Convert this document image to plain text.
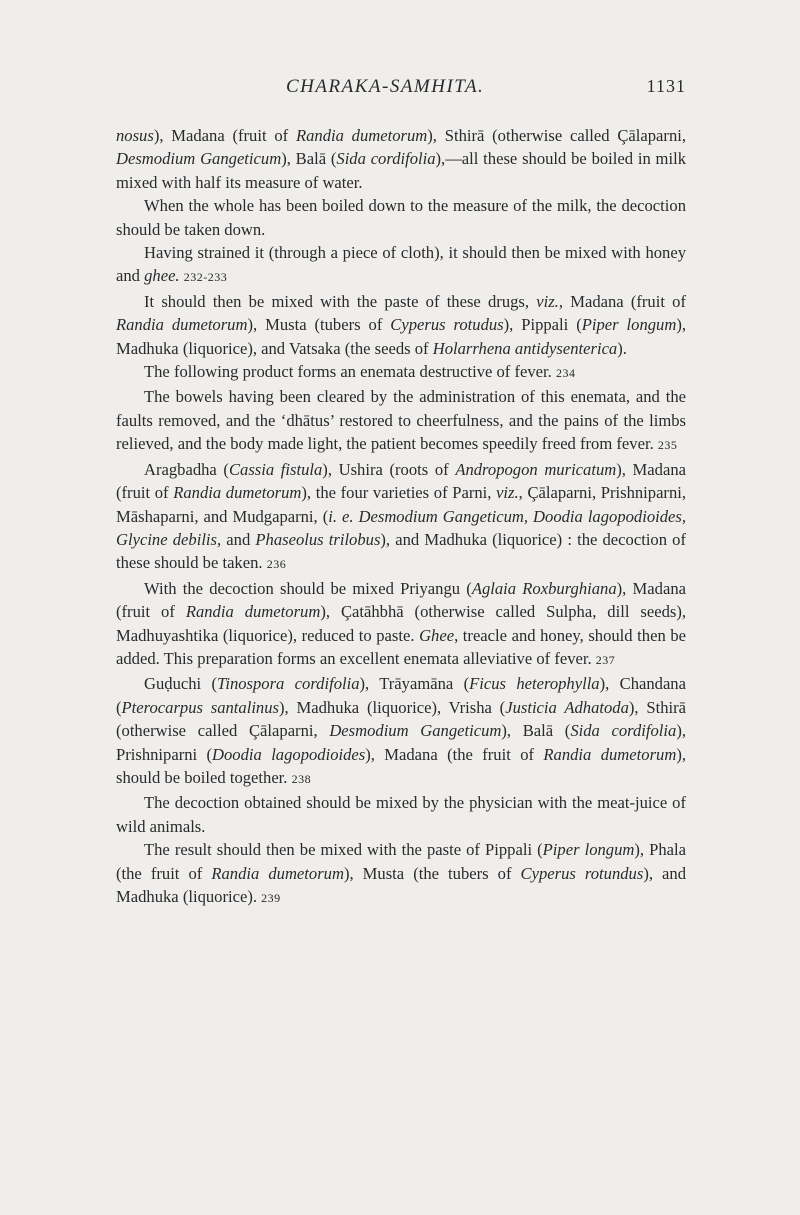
CHARAKA-SAMHITA.	1131

nosus), Madana (fruit of Randia dumetorum), Sthirā (otherwise called Çālaparni, Desmodium Gangeticum), Balā (Sida cordifolia),—all these should be boiled in milk mixed with half its measure of water.

When the whole has been boiled down to the measure of the milk, the decoction should be taken down.

Having strained it (through a piece of cloth), it should then be mixed with honey and ghee. 232-233

It should then be mixed with the paste of these drugs, viz., Madana (fruit of Randia dumetorum), Musta (tubers of Cyperus rotudus), Pippali (Piper longum), Madhuka (liquorice), and Vatsaka (the seeds of Holarrhena antidysenterica).

The following product forms an enemata destructive of fever. 234

The bowels having been cleared by the administration of this enemata, and the faults removed, and the ‘dhātus’ restored to cheerfulness, and the pains of the limbs relieved, and the body made light, the patient becomes speedily freed from fever. 235

Aragbadha (Cassia fistula), Ushira (roots of Andropogon muricatum), Madana (fruit of Randia dumetorum), the four varieties of Parni, viz., Çālaparni, Prishniparni, Māshaparni, and Mudgaparni, (i. e. Desmodium Gangeticum, Doodia lagopodioides, Glycine debilis, and Phaseolus trilobus), and Madhuka (liquorice) : the decoction of these should be taken. 236

With the decoction should be mixed Priyangu (Aglaia Roxburghiana), Madana (fruit of Randia dumetorum), Çatāhbhā (otherwise called Sulpha, dill seeds), Madhuyashtika (liquorice), reduced to paste. Ghee, treacle and honey, should then be added. This preparation forms an excellent enemata alleviative of fever. 237

Guḍuchi (Tinospora cordifolia), Trāyamāna (Ficus heterophylla), Chandana (Pterocarpus santalinus), Madhuka (liquorice), Vrisha (Justicia Adhatoda), Sthirā (otherwise called Çālaparni, Desmodium Gangeticum), Balā (Sida cordifolia), Prishniparni (Doodia lagopodioides), Madana (the fruit of Randia dumetorum), should be boiled together. 238

The decoction obtained should be mixed by the physician with the meat-juice of wild animals.

The result should then be mixed with the paste of Pippali (Piper longum), Phala (the fruit of Randia dumetorum), Musta (the tubers of Cyperus rotundus), and Madhuka (liquorice). 239
